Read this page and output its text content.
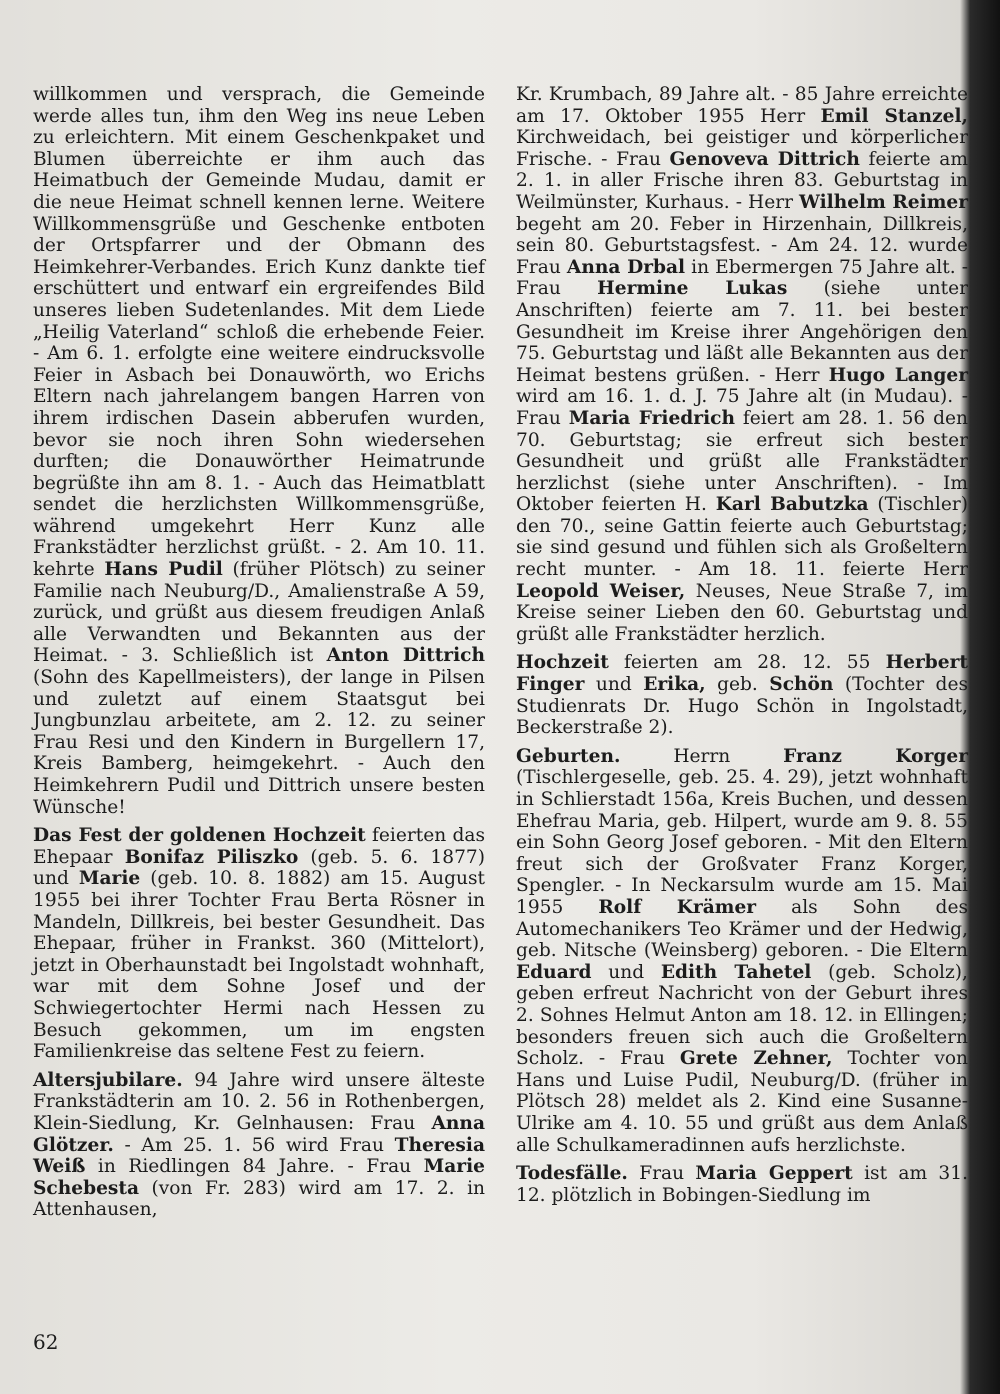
willkommen und versprach, die Gemeinde werde alles tun, ihm den Weg ins neue Leben zu erleichtern. Mit einem Geschenkpaket und Blumen überreichte er ihm auch das Heimatbuch der Gemeinde Mudau, damit er die neue Heimat schnell kennen lerne. Weitere Willkommensgrüße und Geschenke entboten der Ortspfarrer und der Obmann des Heimkehrer-Verbandes. Erich Kunz dankte tief erschüttert und entwarf ein ergreifendes Bild unseres lieben Sudetenlandes. Mit dem Liede „Heilig Vaterland“ schloß die erhebende Feier. - Am 6. 1. erfolgte eine weitere eindrucksvolle Feier in Asbach bei Donauwörth, wo Erichs Eltern nach jahrelangem bangen Harren von ihrem irdischen Dasein abberufen wurden, bevor sie noch ihren Sohn wiedersehen durften; die Donauwörther Heimatrunde begrüßte ihn am 8. 1. - Auch das Heimatblatt sendet die herzlichsten Willkommensgrüße, während umgekehrt Herr Kunz alle Frankstädter herzlichst grüßt. - 2. Am 10. 11. kehrte Hans Pudil (früher Plötsch) zu seiner Familie nach Neuburg/D., Amalienstraße A 59, zurück, und grüßt aus diesem freudigen Anlaß alle Verwandten und Bekannten aus der Heimat. - 3. Schließlich ist Anton Dittrich (Sohn des Kapellmeisters), der lange in Pilsen und zuletzt auf einem Staatsgut bei Jungbunzlau arbeitete, am 2. 12. zu seiner Frau Resi und den Kindern in Burgellern 17, Kreis Bamberg, heimgekehrt. - Auch den Heimkehrern Pudil und Dittrich unsere besten Wünsche!

Das Fest der goldenen Hochzeit feierten das Ehepaar Bonifaz Piliszko (geb. 5. 6. 1877) und Marie (geb. 10. 8. 1882) am 15. August 1955 bei ihrer Tochter Frau Berta Rösner in Mandeln, Dillkreis, bei bester Gesundheit. Das Ehepaar, früher in Frankst. 360 (Mittelort), jetzt in Oberhaunstadt bei Ingolstadt wohnhaft, war mit dem Sohne Josef und der Schwiegertochter Hermi nach Hessen zu Besuch gekommen, um im engsten Familienkreise das seltene Fest zu feiern.

Altersjubilare. 94 Jahre wird unsere älteste Frankstädterin am 10. 2. 56 in Rothenbergen, Klein-Siedlung, Kr. Gelnhausen: Frau Anna Glötzer. - Am 25. 1. 56 wird Frau Theresia Weiß in Riedlingen 84 Jahre. - Frau Marie Schebesta (von Fr. 283) wird am 17. 2. in Attenhausen,

Kr. Krumbach, 89 Jahre alt. - 85 Jahre erreichte am 17. Oktober 1955 Herr Emil Stanzel, Kirchweidach, bei geistiger und körperlicher Frische. - Frau Genoveva Dittrich feierte am 2. 1. in aller Frische ihren 83. Geburtstag in Weilmünster, Kurhaus. - Herr Wilhelm Reimer begeht am 20. Feber in Hirzenhain, Dillkreis, sein 80. Geburtstagsfest. - Am 24. 12. wurde Frau Anna Drbal in Ebermergen 75 Jahre alt. - Frau Hermine Lukas (siehe unter Anschriften) feierte am 7. 11. bei bester Gesundheit im Kreise ihrer Angehörigen den 75. Geburtstag und läßt alle Bekannten aus der Heimat bestens grüßen. - Herr Hugo Langer wird am 16. 1. d. J. 75 Jahre alt (in Mudau). - Frau Maria Friedrich feiert am 28. 1. 56 den 70. Geburtstag; sie erfreut sich bester Gesundheit und grüßt alle Frankstädter herzlichst (siehe unter Anschriften). - Im Oktober feierten H. Karl Babutzka (Tischler) den 70., seine Gattin feierte auch Geburtstag; sie sind gesund und fühlen sich als Großeltern recht munter. - Am 18. 11. feierte Herr Leopold Weiser, Neuses, Neue Straße 7, im Kreise seiner Lieben den 60. Geburtstag und grüßt alle Frankstädter herzlich.

Hochzeit feierten am 28. 12. 55 Herbert Finger und Erika, geb. Schön (Tochter des Studienrats Dr. Hugo Schön in Ingolstadt, Beckerstraße 2).

Geburten. Herrn Franz Korger (Tischlergeselle, geb. 25. 4. 29), jetzt wohnhaft in Schlierstadt 156a, Kreis Buchen, und dessen Ehefrau Maria, geb. Hilpert, wurde am 9. 8. 55 ein Sohn Georg Josef geboren. - Mit den Eltern freut sich der Großvater Franz Korger, Spengler. - In Neckarsulm wurde am 15. Mai 1955 Rolf Krämer als Sohn des Automechanikers Teo Krämer und der Hedwig, geb. Nitsche (Weinsberg) geboren. - Die Eltern Eduard und Edith Tahetel (geb. Scholz), geben erfreut Nachricht von der Geburt ihres 2. Sohnes Helmut Anton am 18. 12. in Ellingen; besonders freuen sich auch die Großeltern Scholz. - Frau Grete Zehner, Tochter von Hans und Luise Pudil, Neuburg/D. (früher in Plötsch 28) meldet als 2. Kind eine Susanne-Ulrike am 4. 10. 55 und grüßt aus dem Anlaß alle Schulkameradinnen aufs herzlichste.

Todesfälle. Frau Maria Geppert ist am 31. 12. plötzlich in Bobingen-Siedlung im

62
